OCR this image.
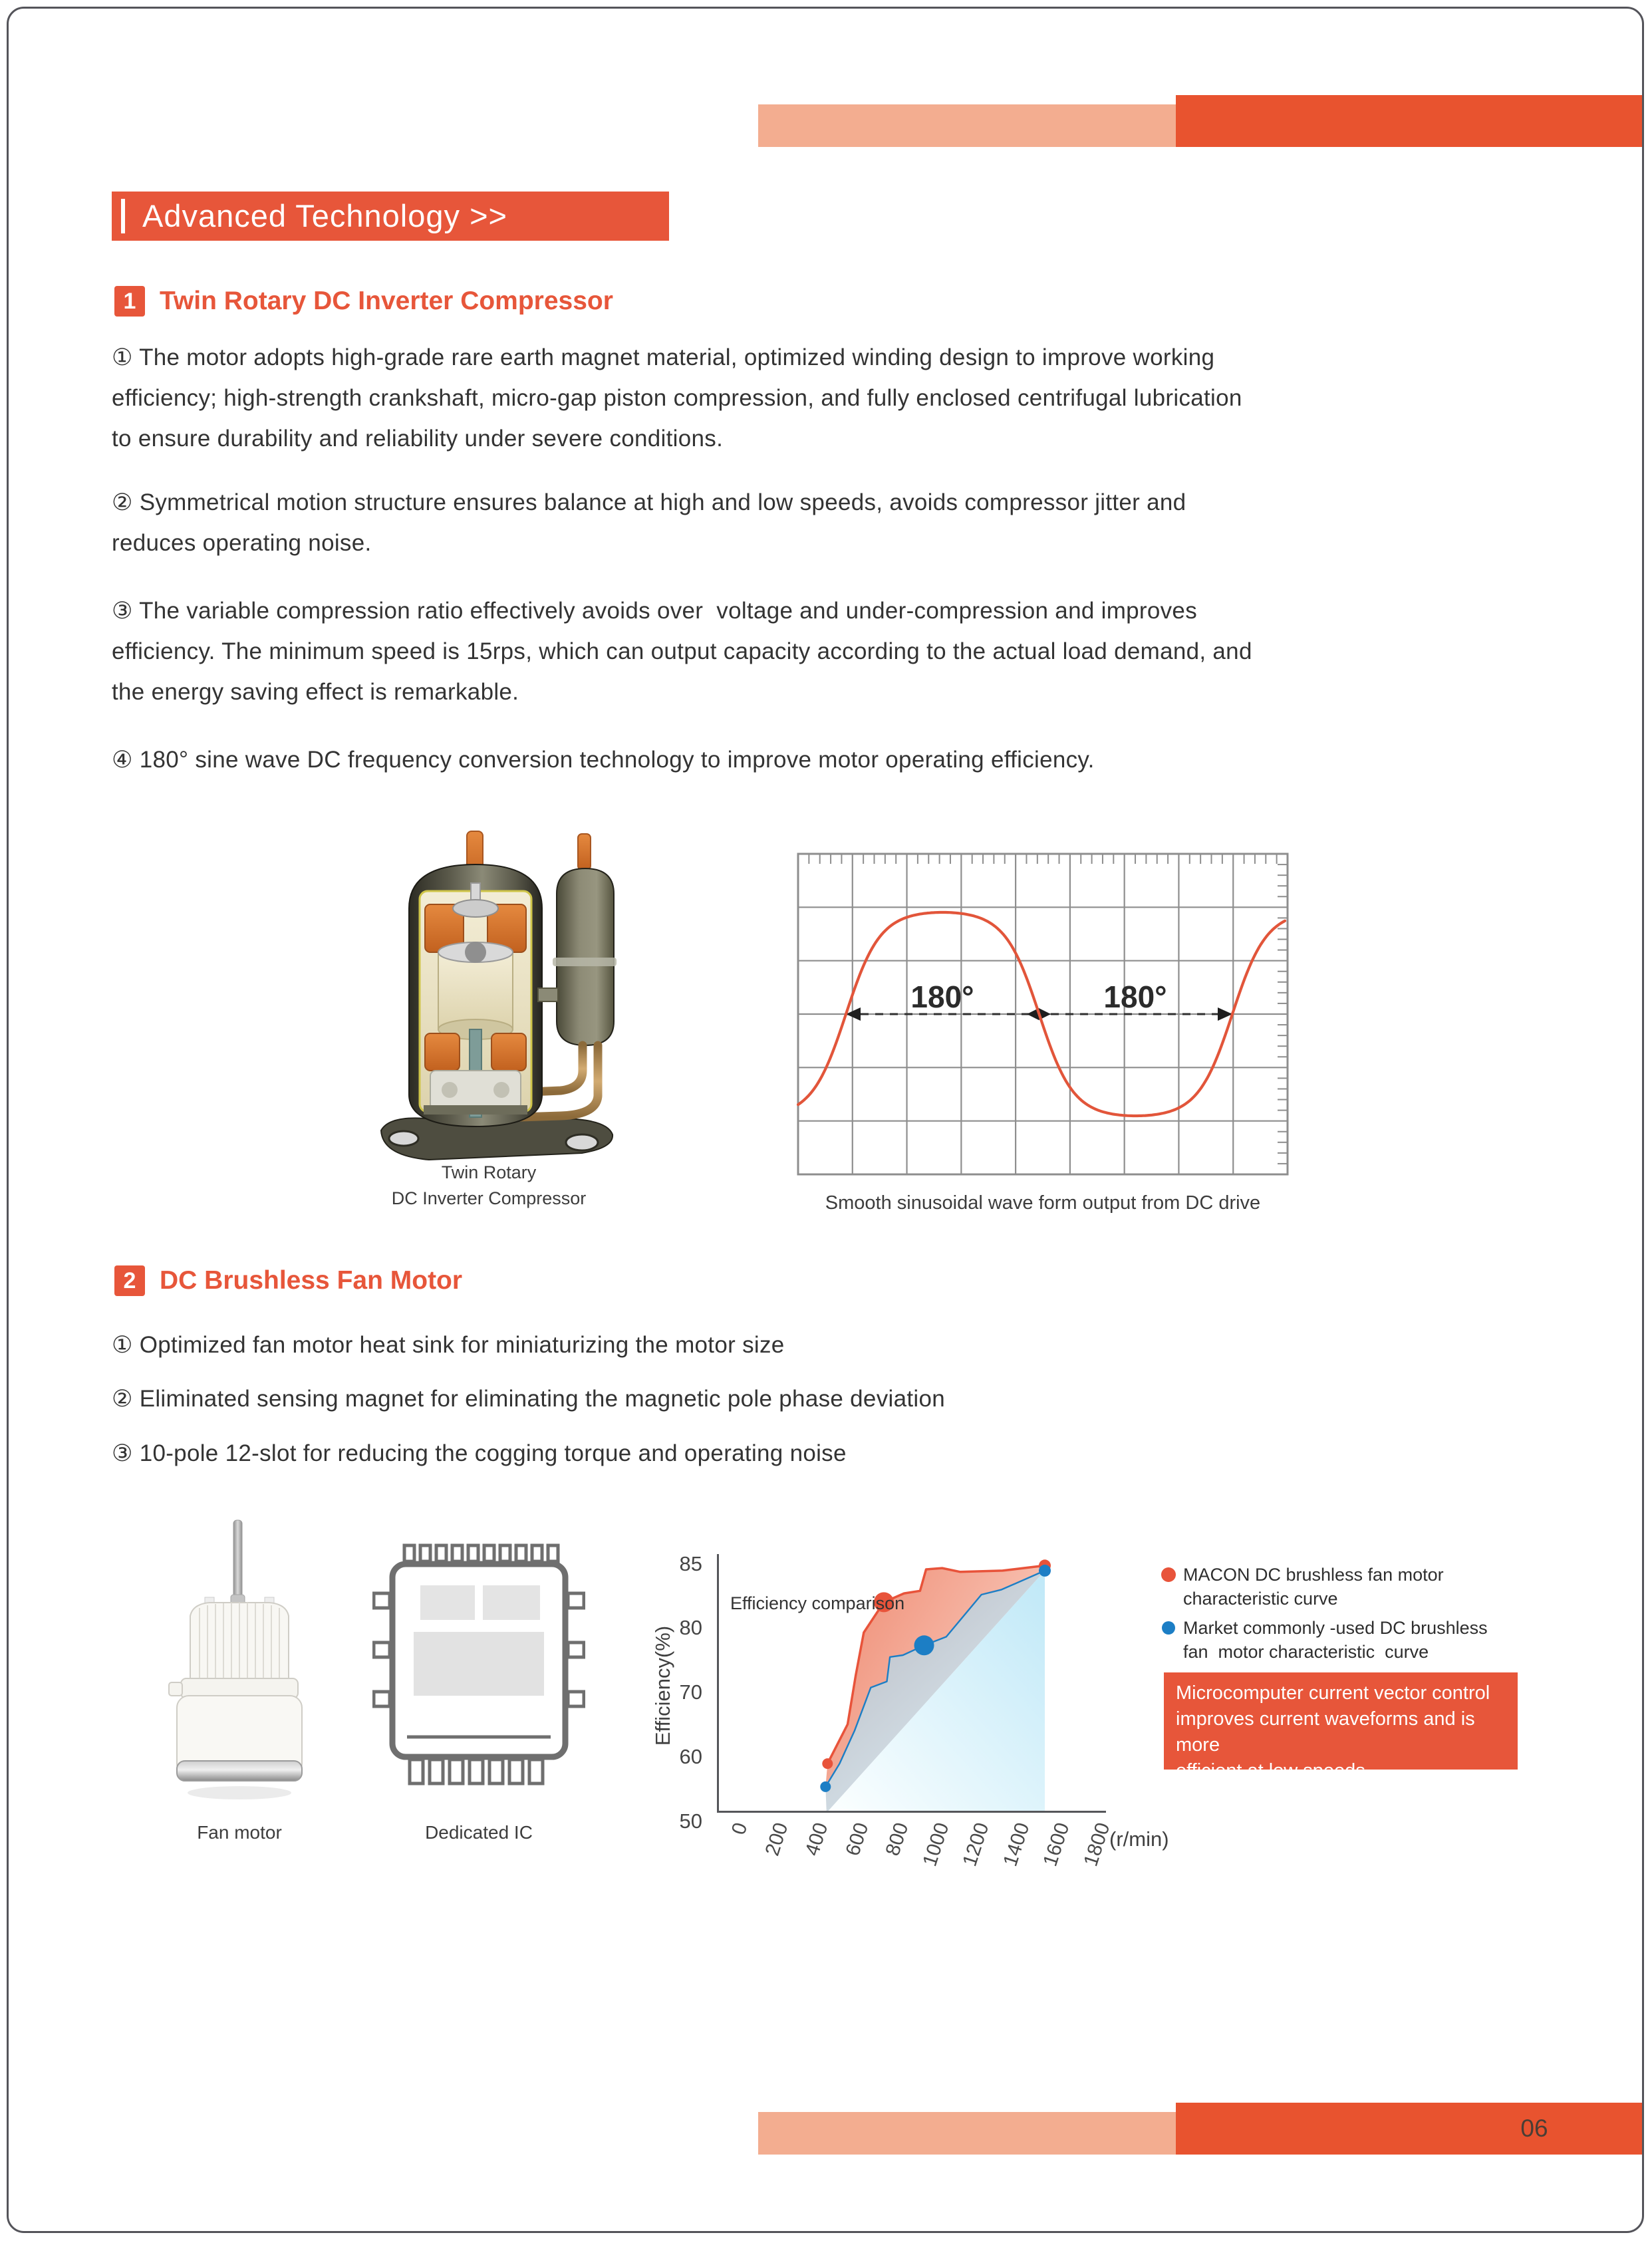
Advanced Technology >>
1 Twin Rotary DC Inverter Compressor
① The motor adopts high-grade rare earth magnet material, optimized winding design to improve working
efficiency; high-strength crankshaft, micro-gap piston compression, and fully enclosed centrifugal lubrication
to ensure durability and reliability under severe conditions.
② Symmetrical motion structure ensures balance at high and low speeds, avoids compressor jitter and
reduces operating noise.
③ The variable compression ratio effectively avoids over  voltage and under-compression and improves
efficiency. The minimum speed is 15rps, which can output capacity according to the actual load demand, and
the energy saving effect is remarkable.
④ 180° sine wave DC frequency conversion technology to improve motor operating efficiency.
Twin Rotary
DC Inverter Compressor
180°	180°
Smooth sinusoidal wave form output from DC drive
2 DC Brushless Fan Motor
① Optimized fan motor heat sink for miniaturizing the motor size
② Eliminated sensing magnet for eliminating the magnetic pole phase deviation
③ 10-pole 12-slot for reducing the cogging torque and operating noise
Fan motor	Dedicated IC
85
80
70
60
50	0 200 400 600 800 1000 1200 1400 1600 1800
(r/min)
Efficiency(%)
Efficiency comparison
MACON DC brushless fan motor
characteristic curve
Market commonly -used DC brushless
fan  motor characteristic  curve
Microcomputer current vector control
improves current waveforms and is more
efficient at low speeds
06
